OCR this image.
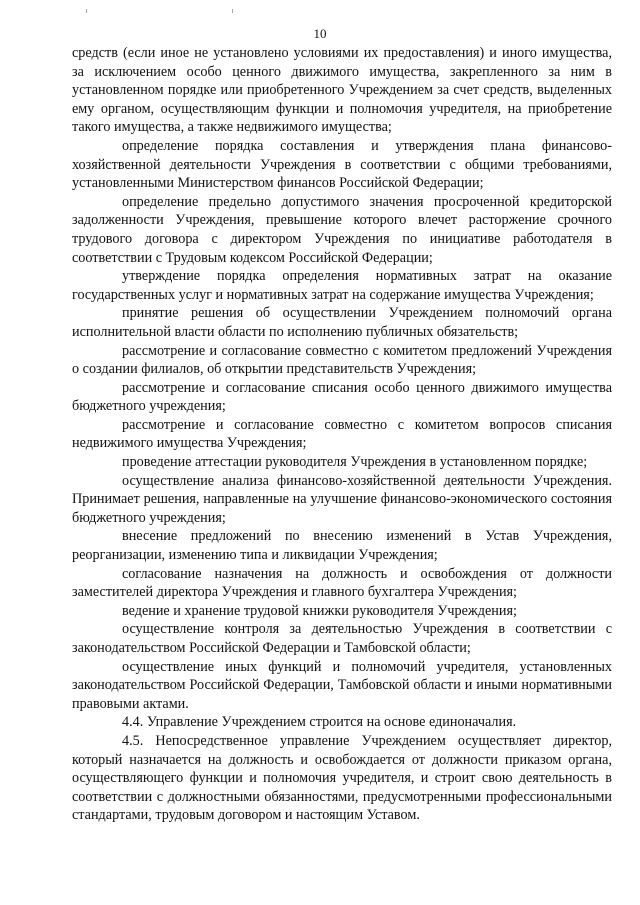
10

средств (если иное не установлено условиями их предоставления) и иного имущества, за исключением особо ценного движимого имущества, закрепленного за ним в установленном порядке или приобретенного Учреждением за счет средств, выделенных ему органом, осуществляющим функции и полномочия учредителя, на приобретение такого имущества, а также недвижимого имущества;

определение порядка составления и утверждения плана финансово-хозяйственной деятельности Учреждения в соответствии с общими требованиями, установленными Министерством финансов Российской Федерации;

определение предельно допустимого значения просроченной кредиторской задолженности Учреждения, превышение которого влечет расторжение срочного трудового договора с директором Учреждения по инициативе работодателя в соответствии с Трудовым кодексом Российской Федерации;

утверждение порядка определения нормативных затрат на оказание государственных услуг и нормативных затрат на содержание имущества Учреждения;

принятие решения об осуществлении Учреждением полномочий органа исполнительной власти области по исполнению публичных обязательств;

рассмотрение и согласование совместно с комитетом предложений Учреждения о создании филиалов, об открытии представительств Учреждения;

рассмотрение и согласование списания особо ценного движимого имущества бюджетного учреждения;

рассмотрение и согласование совместно с комитетом вопросов списания недвижимого имущества Учреждения;

проведение аттестации руководителя Учреждения в установленном порядке;

осуществление анализа финансово-хозяйственной деятельности Учреждения. Принимает решения, направленные на улучшение финансово-экономического состояния бюджетного учреждения;

внесение предложений по внесению изменений в Устав Учреждения, реорганизации, изменению типа и ликвидации Учреждения;

согласование назначения на должность и освобождения от должности заместителей директора Учреждения и главного бухгалтера Учреждения;

ведение и хранение трудовой книжки руководителя Учреждения;

осуществление контроля за деятельностью Учреждения в соответствии с законодательством Российской Федерации и Тамбовской области;

осуществление иных функций и полномочий учредителя, установленных законодательством Российской Федерации, Тамбовской области и иными нормативными правовыми актами.

4.4. Управление Учреждением строится на основе единоначалия.

4.5. Непосредственное управление Учреждением осуществляет директор, который назначается на должность и освобождается от должности приказом органа, осуществляющего функции и полномочия учредителя, и строит свою деятельность в соответствии с должностными обязанностями, предусмотренными профессиональными стандартами, трудовым договором и настоящим Уставом.
